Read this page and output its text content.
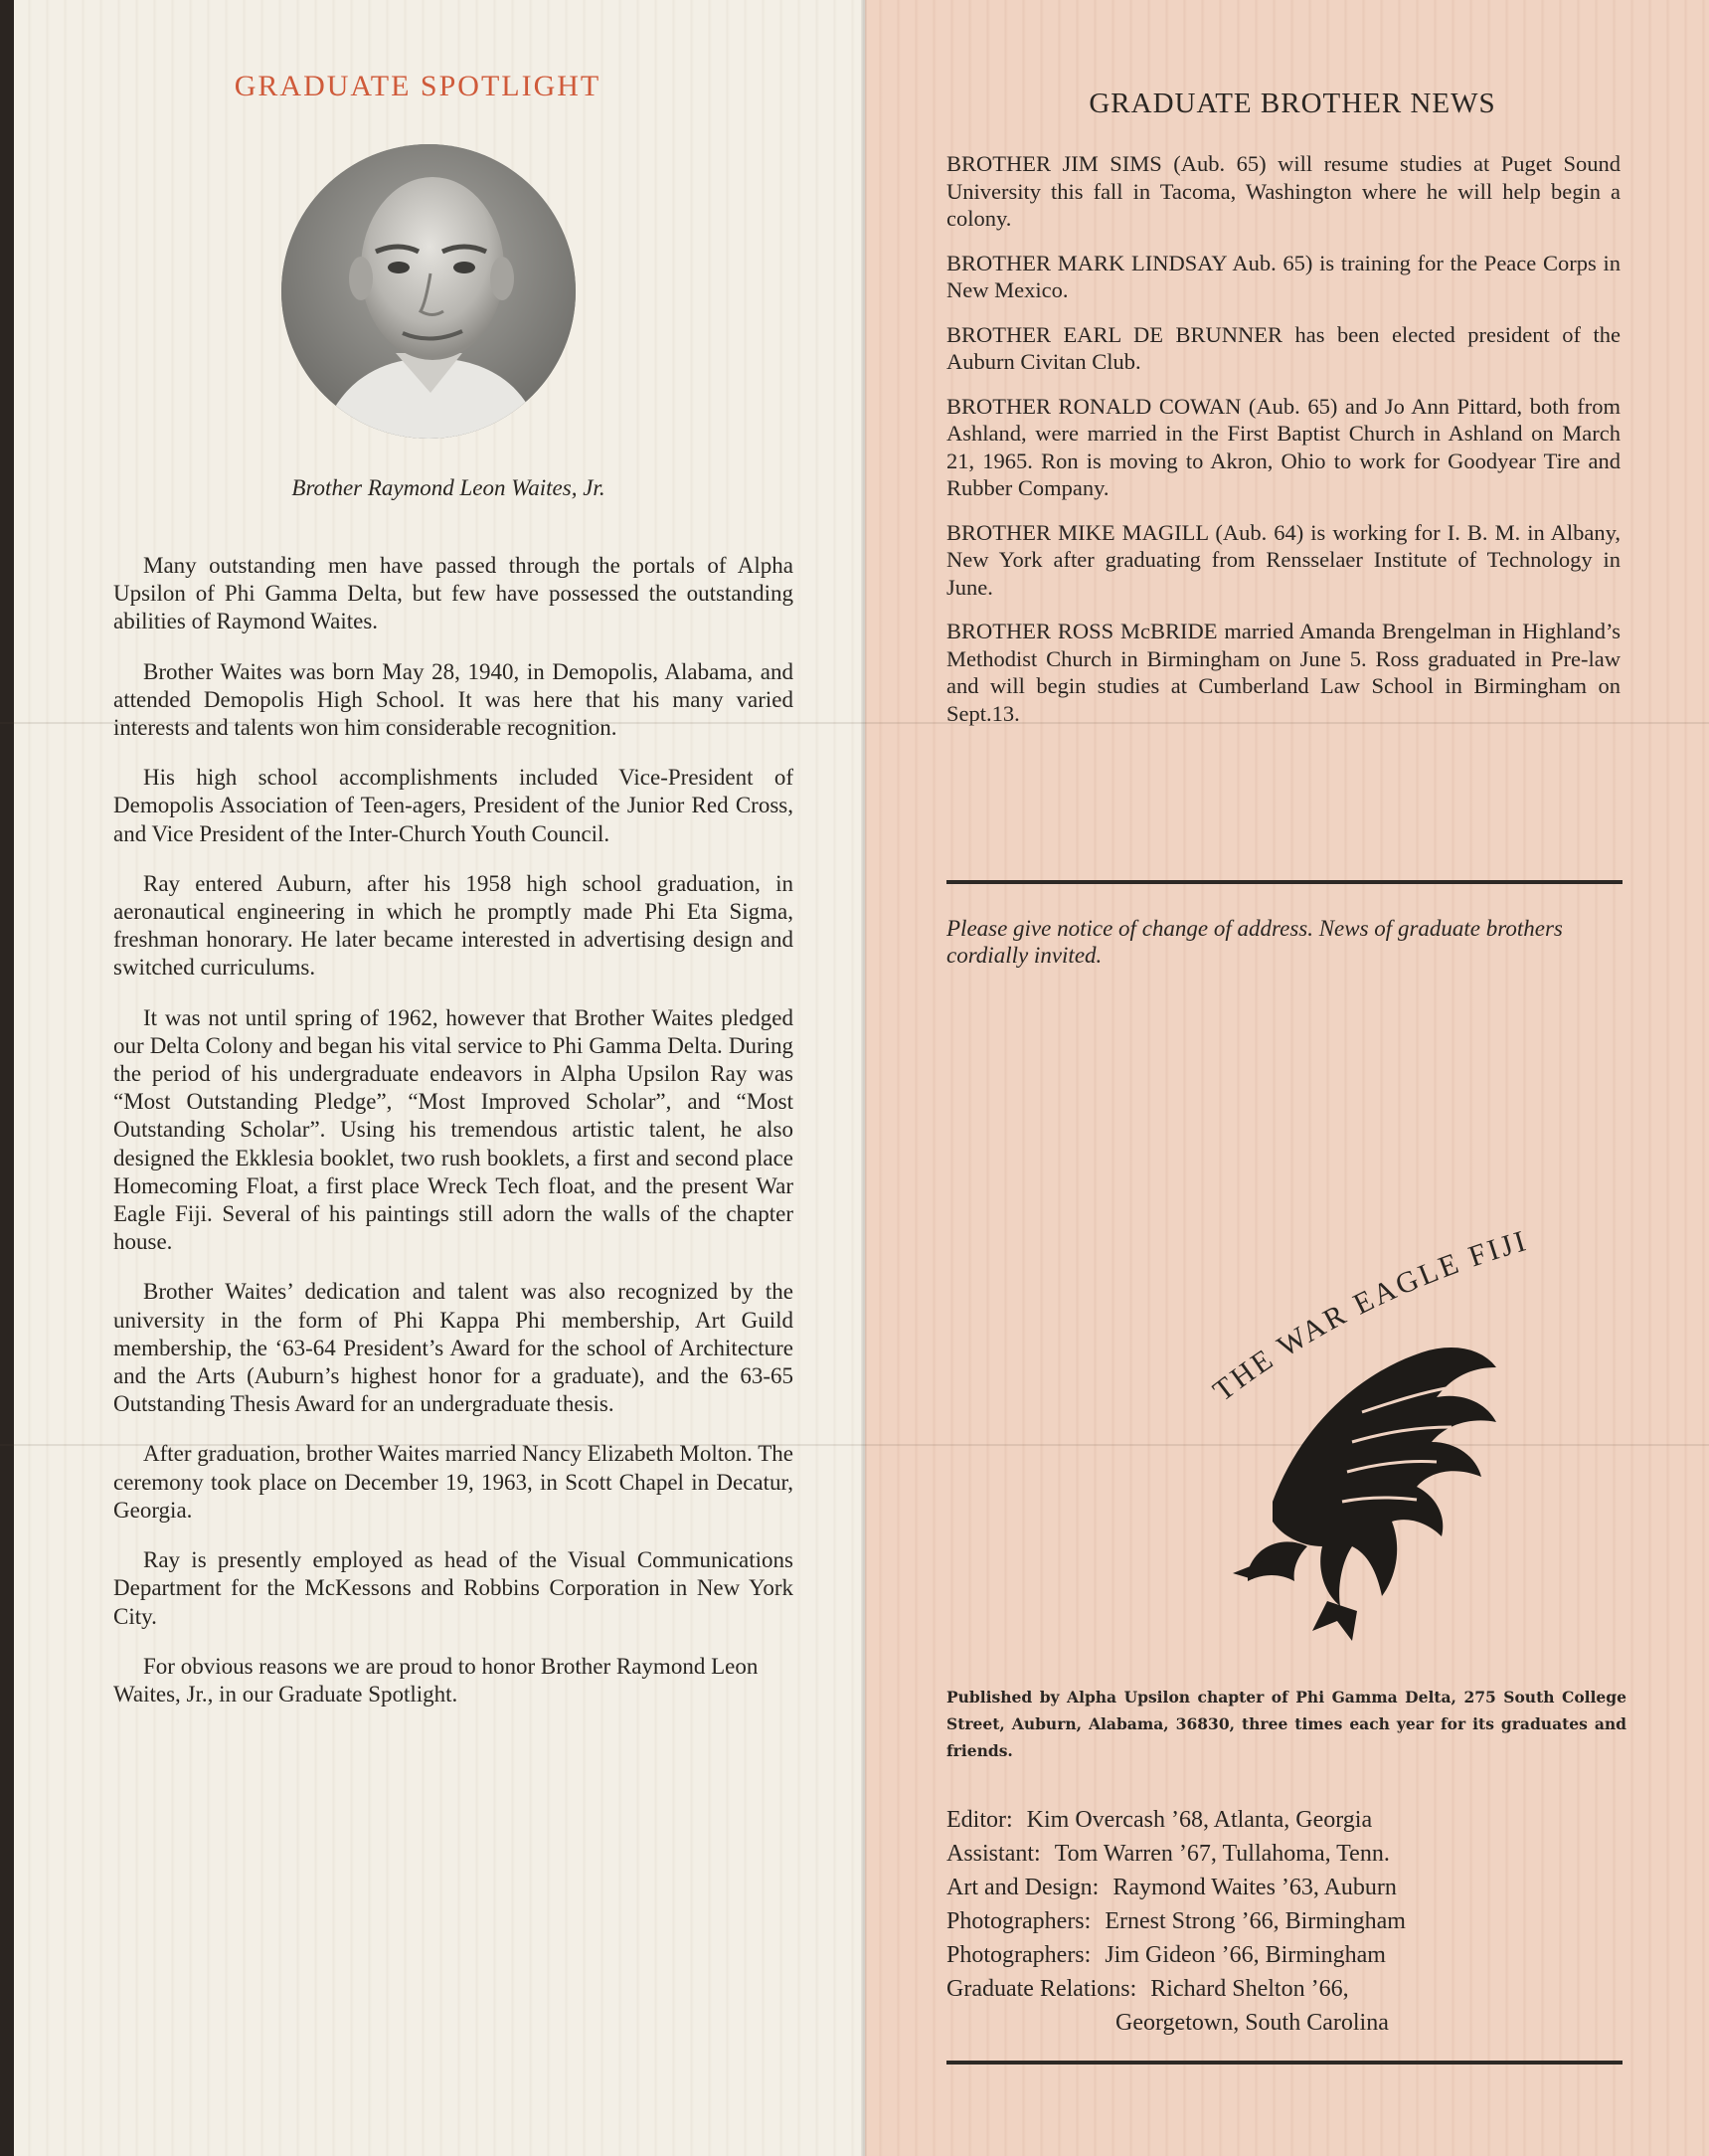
GRADUATE SPOTLIGHT
Brother Raymond Leon Waites, Jr.

Many outstanding men have passed through the portals of Alpha Upsilon of Phi Gamma Delta, but few have possessed the outstanding abilities of Raymond Waites.

Brother Waites was born May 28, 1940, in Demopolis, Alabama, and attended Demopolis High School. It was here that his many varied interests and talents won him considerable recognition.

His high school accomplishments included Vice-President of Demopolis Association of Teen-agers, President of the Junior Red Cross, and Vice President of the Inter-Church Youth Council.

Ray entered Auburn, after his 1958 high school graduation, in aeronautical engineering in which he promptly made Phi Eta Sigma, freshman honorary. He later became interested in advertising design and switched curriculums.

It was not until spring of 1962, however that Brother Waites pledged our Delta Colony and began his vital service to Phi Gamma Delta. During the period of his undergraduate endeavors in Alpha Upsilon Ray was “Most Outstanding Pledge”, “Most Improved Scholar”, and “Most Outstanding Scholar”. Using his tremendous artistic talent, he also designed the Ekklesia booklet, two rush booklets, a first and second place Homecoming Float, a first place Wreck Tech float, and the present War Eagle Fiji. Several of his paintings still adorn the walls of the chapter house.

Brother Waites’ dedication and talent was also recognized by the university in the form of Phi Kappa Phi membership, Art Guild membership, the ‘63-64 President’s Award for the school of Architecture and the Arts (Auburn’s highest honor for a graduate), and the 63-65 Outstanding Thesis Award for an undergraduate thesis.

After graduation, brother Waites married Nancy Elizabeth Molton. The ceremony took place on December 19, 1963, in Scott Chapel in Decatur, Georgia.

Ray is presently employed as head of the Visual Communications Department for the McKessons and Robbins Corporation in New York City.

For obvious reasons we are proud to honor Brother Raymond Leon Waites, Jr., in our Graduate Spotlight.

GRADUATE BROTHER NEWS

BROTHER JIM SIMS (Aub. 65) will resume studies at Puget Sound University this fall in Tacoma, Washington where he will help begin a colony.

BROTHER MARK LINDSAY Aub. 65) is training for the Peace Corps in New Mexico.

BROTHER EARL DE BRUNNER has been elected president of the Auburn Civitan Club.

BROTHER RONALD COWAN (Aub. 65) and Jo Ann Pittard, both from Ashland, were married in the First Baptist Church in Ashland on March 21, 1965. Ron is moving to Akron, Ohio to work for Goodyear Tire and Rubber Company.

BROTHER MIKE MAGILL (Aub. 64) is working for I. B. M. in Albany, New York after graduating from Rensselaer Institute of Technology in June.

BROTHER ROSS McBRIDE married Amanda Brengelman in Highland’s Methodist Church in Birmingham on June 5. Ross graduated in Pre-law and will begin studies at Cumberland Law School in Birmingham on Sept.13.

Please give notice of change of address. News of graduate brothers cordially invited.
THE WAR EAGLE FIJI
Published by Alpha Upsilon chapter of Phi Gamma Delta, 275 South College Street, Auburn, Alabama, 36830, three times each year for its graduates and friends.
Editor: Kim Overcash ’68, Atlanta, Georgia
Assistant: Tom Warren ’67, Tullahoma, Tenn.
Art and Design: Raymond Waites ’63, Auburn
Photographers: Ernest Strong ’66, Birmingham
Photographers: Jim Gideon ’66, Birmingham
Graduate Relations: Richard Shelton ’66,
Georgetown, South Carolina
